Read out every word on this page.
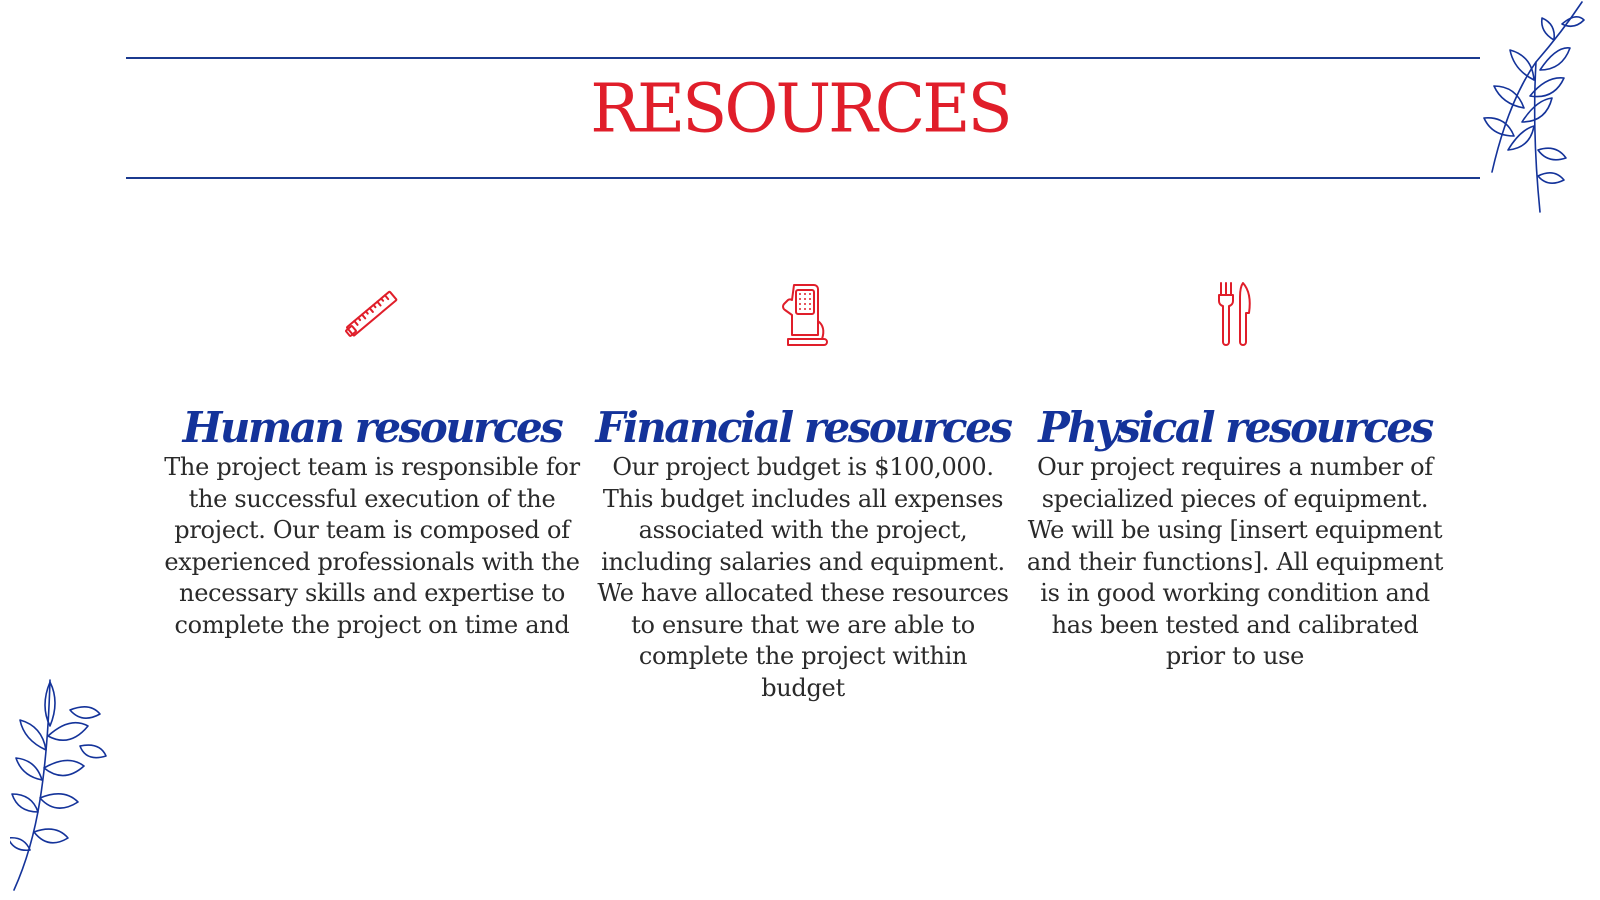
RESOURCES
Human resources

The project team is responsible for the successful execution of the project. Our team is composed of experienced professionals with the necessary skills and expertise to complete the project on time and

Financial resources

Our project budget is $100,000. This budget includes all expenses associated with the project, including salaries and equipment. We have allocated these resources to ensure that we are able to complete the project within budget

Physical resources

Our project requires a number of specialized pieces of equipment. We will be using [insert equipment and their functions]. All equipment is in good working condition and has been tested and calibrated prior to use
